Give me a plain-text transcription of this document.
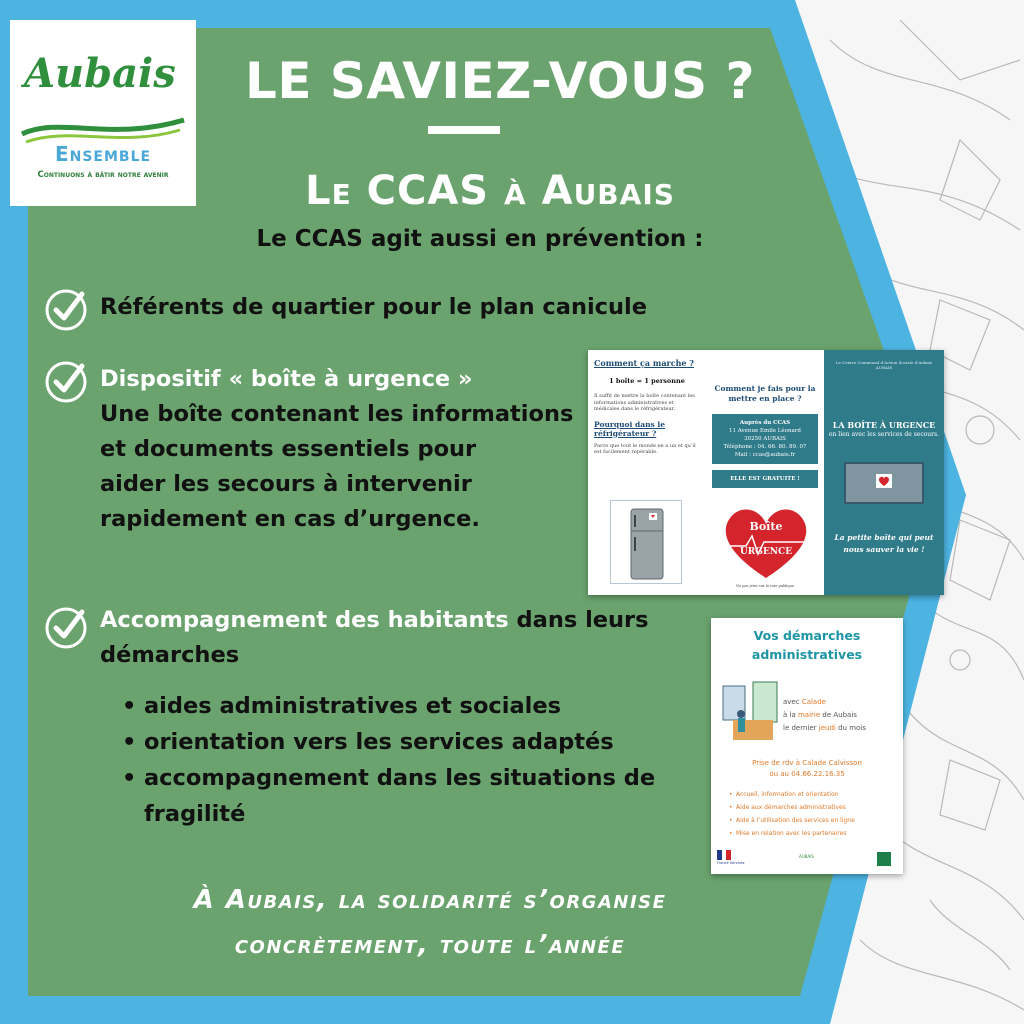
Aubais
Ensemble
Continuons à bâtir notre avenir
LE SAVIEZ-VOUS ?
Le CCAS à Aubais
Le CCAS agit aussi en prévention :
Référents de quartier pour le plan canicule
Dispositif « boîte à urgence »
Une boîte contenant les informations
et documents essentiels pour
aider les secours à intervenir
rapidement en cas d’urgence.
Accompagnement des habitants dans leurs
démarches
• aides administratives et sociales
• orientation vers les services adaptés
• accompagnement dans les situations de fragilité
À Aubais, la solidarité s’organise
concrètement, toute l’année
Comment ça marche ?
1 boîte = 1 personne
Il suffit de mettre la boîte contenant les informations administratives et médicales dans le réfrigérateur.
Pourquoi dans le réfrigérateur ?
Parce que tout le monde en a un et qu’il est facilement repérable.
Comment je fais pour la mettre en place ?
Auprès du CCAS
11 Avenue Emile Léonard
30250 AUBAIS
Téléphone : 04. 66. 80. 89. 07
Mail : ccas@aubais.fr
ELLE EST GRATUITE !
Boîte
URGENCE
Ne pas jeter sur la voie publique
Le Centre Communal d’Action Sociale d’Aubais
AUBAIS
LA BOÎTE À URGENCE
en lien avec les services de secours.
La petite boîte qui peut nous sauver la vie !
Vos démarches
administratives
avec Calade
à la mairie de Aubais
le dernier jeudi du mois
Prise de rdv à Calade Calvisson
ou au 04.66.22.16.35
• Accueil, information et orientation
• Aide aux démarches administratives
• Aide à l’utilisation des services en ligne
• Mise en relation avec les partenaires
France Services
AUBAIS
